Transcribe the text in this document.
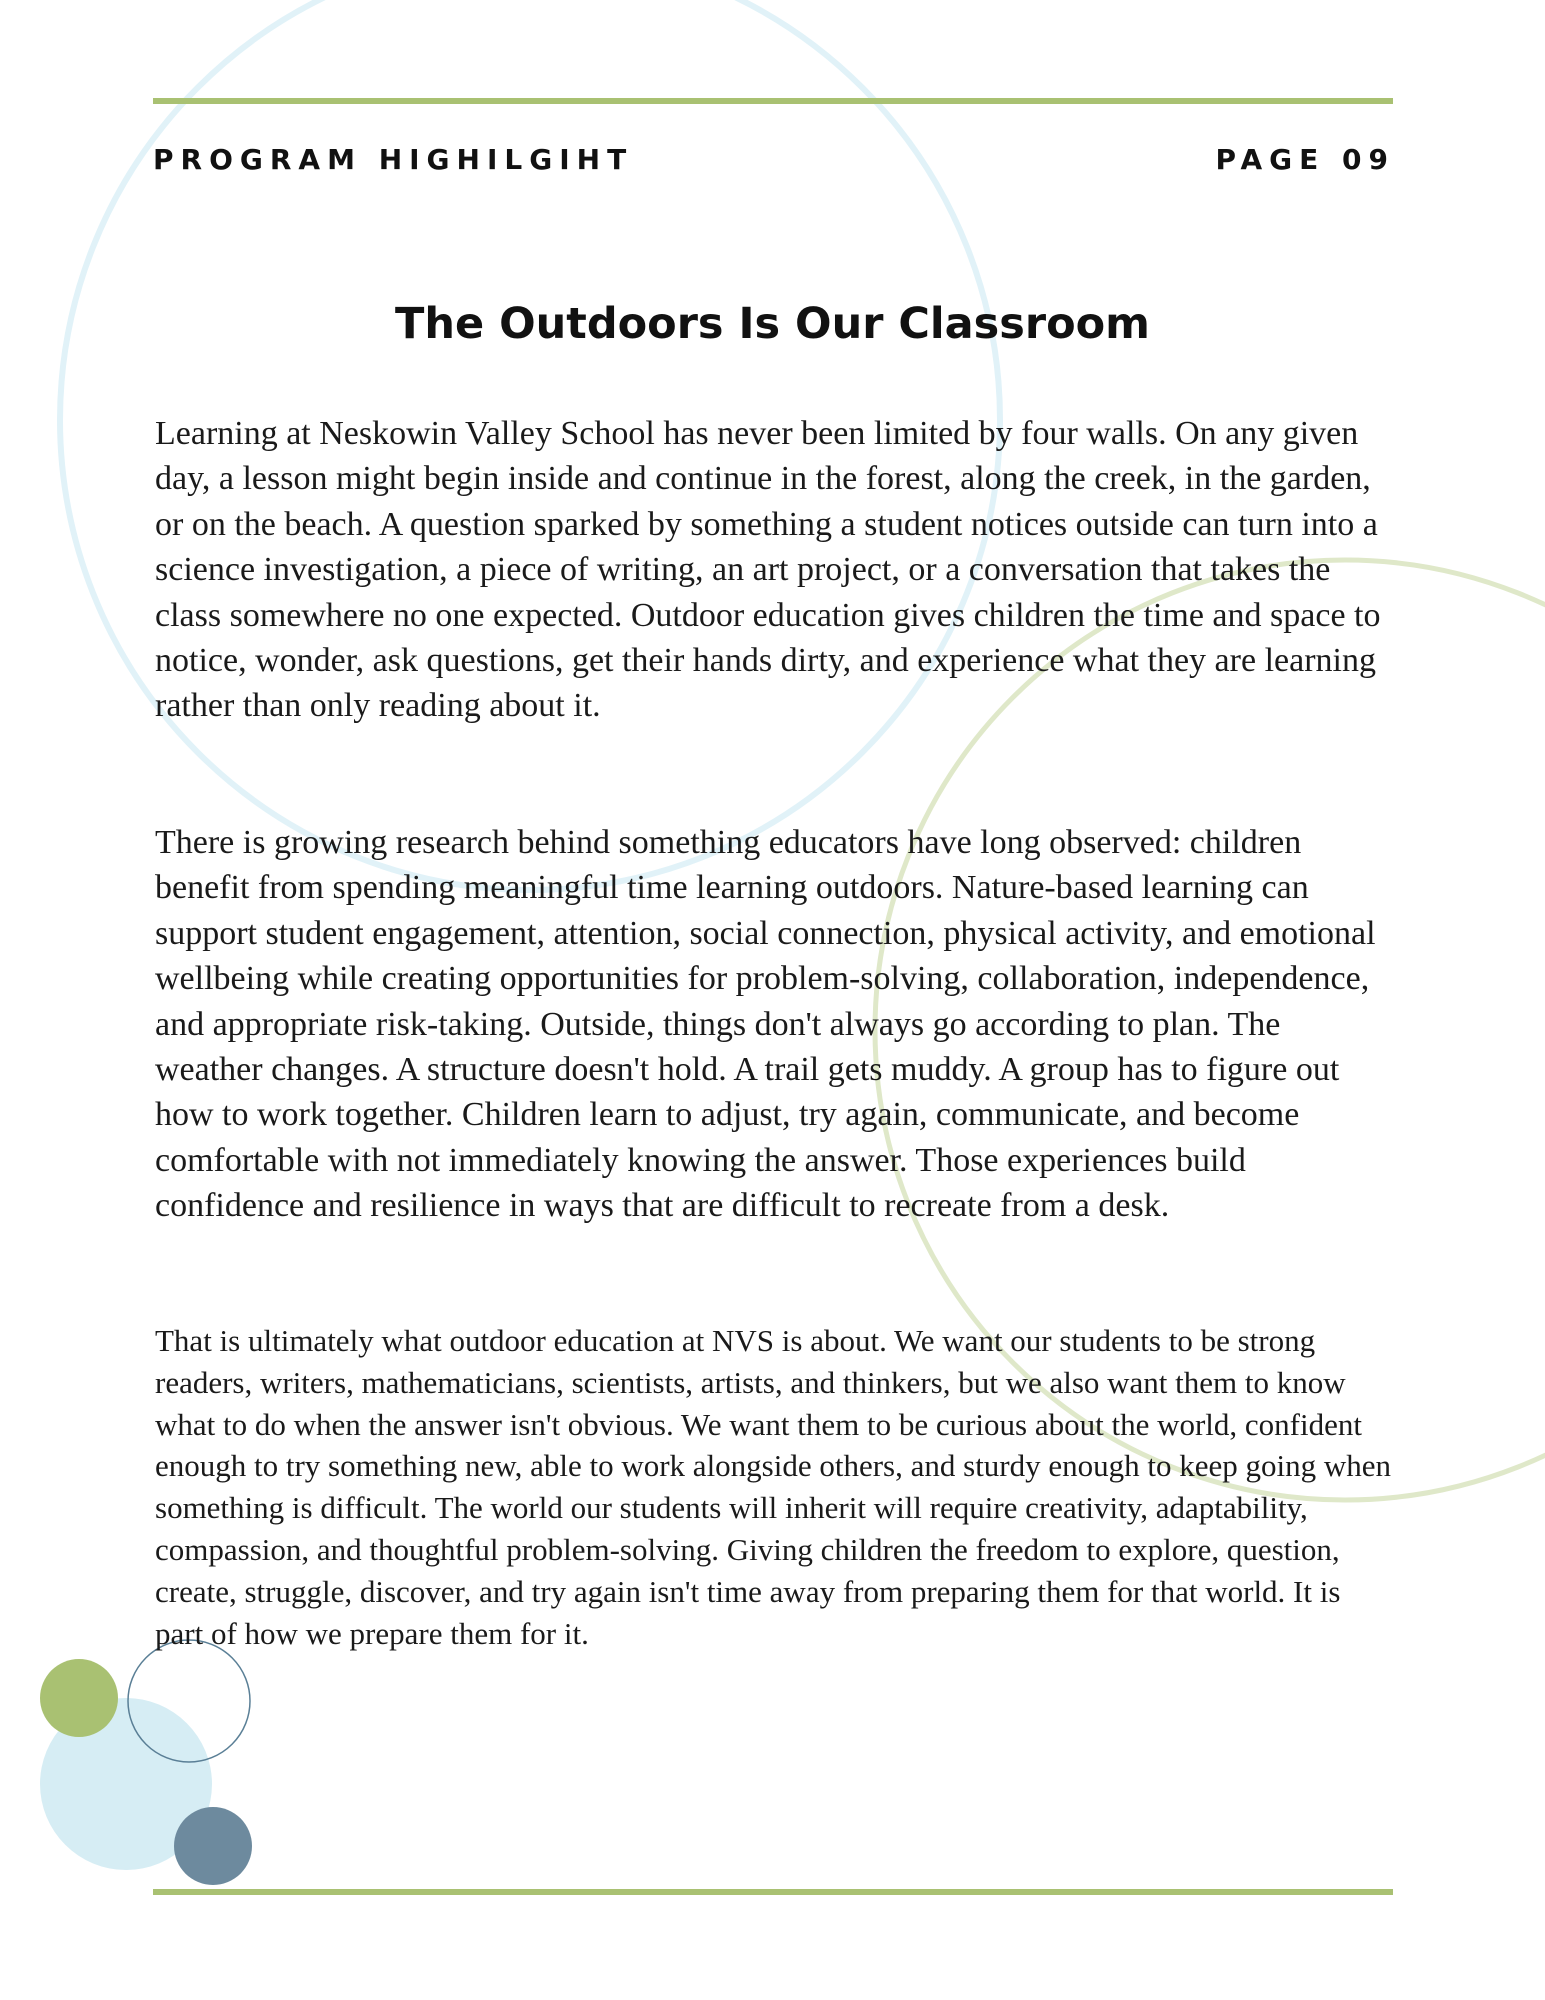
PROGRAM HIGHILGIHT	PAGE 09
The Outdoors Is Our Classroom

Learning at Neskowin Valley School has never been limited by four walls. On any given day, a lesson might begin inside and continue in the forest, along the creek, in the garden, or on the beach. A question sparked by something a student notices outside can turn into a science investigation, a piece of writing, an art project, or a conversation that takes the class somewhere no one expected. Outdoor education gives children the time and space to notice, wonder, ask questions, get their hands dirty, and experience what they are learning rather than only reading about it.

There is growing research behind something educators have long observed: children benefit from spending meaningful time learning outdoors. Nature-based learning can support student engagement, attention, social connection, physical activity, and emotional wellbeing while creating opportunities for problem-solving, collaboration, independence, and appropriate risk-taking. Outside, things don't always go according to plan. The weather changes. A structure doesn't hold. A trail gets muddy. A group has to figure out how to work together. Children learn to adjust, try again, communicate, and become comfortable with not immediately knowing the answer. Those experiences build confidence and resilience in ways that are difficult to recreate from a desk.

That is ultimately what outdoor education at NVS is about. We want our students to be strong readers, writers, mathematicians, scientists, artists, and thinkers, but we also want them to know what to do when the answer isn't obvious. We want them to be curious about the world, confident enough to try something new, able to work alongside others, and sturdy enough to keep going when something is difficult. The world our students will inherit will require creativity, adaptability, compassion, and thoughtful problem-solving. Giving children the freedom to explore, question, create, struggle, discover, and try again isn't time away from preparing them for that world. It is part of how we prepare them for it.
